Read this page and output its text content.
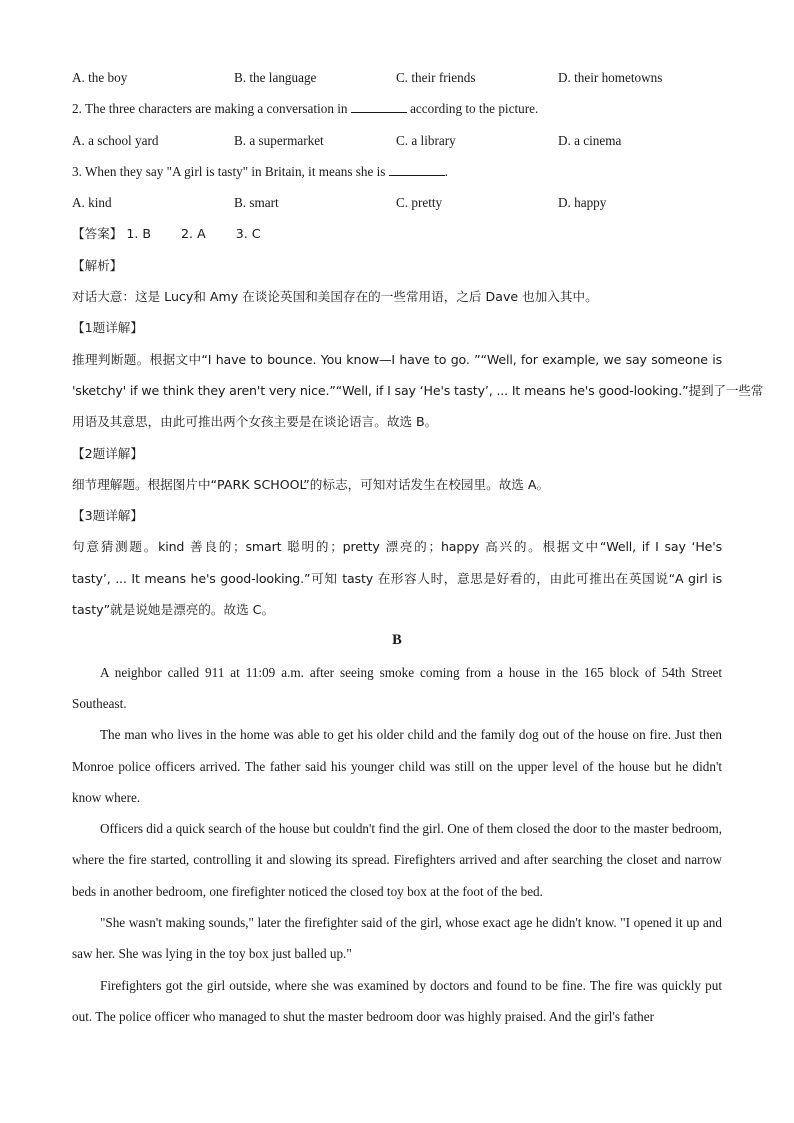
A. the boy	B. the language	C. their friends	D. their hometowns
2. The three characters are making a conversation in	according to the picture.
A. a school yard	B. a supermarket	C. a library	D. a cinema
3. When they say "A girl is tasty" in Britain, it means she is	.
A. kind	B. smart	C. pretty	D. happy
【答案】 1. B 2. A 3. C
【解析】
对话大意：这是 Lucy和 Amy 在谈论英国和美国存在的一些常用语，之后 Dave 也加入其中。
【1题详解】
推理判断题。根据文中“I have to bounce. You know—I have to go. ”“Well, for example, we say someone is
'sketchy' if we think they aren't very nice.”“Well, if I say ‘He's tasty’, ... It means he's good-looking.”提到了一些常
用语及其意思，由此可推出两个女孩主要是在谈论语言。故选 B。
【2题详解】
细节理解题。根据图片中“PARK SCHOOL”的标志，可知对话发生在校园里。故选 A。
【3题详解】
句意猜测题。kind 善良的；smart 聪明的；pretty 漂亮的；happy 高兴的。根据文中“Well, if I say ‘He's
tasty’, ... It means he's good-looking.”可知 tasty 在形容人时，意思是好看的，由此可推出在英国说“A girl is
tasty”就是说她是漂亮的。故选 C。
B
A neighbor called 911 at 11:09 a.m. after seeing smoke coming from a house in the 165 block of 54th Street Southeast.
The man who lives in the home was able to get his older child and the family dog out of the house on fire. Just then Monroe police officers arrived. The father said his younger child was still on the upper level of the house but he didn't know where.
Officers did a quick search of the house but couldn't find the girl. One of them closed the door to the master bedroom, where the fire started, controlling it and slowing its spread. Firefighters arrived and after searching the closet and narrow beds in another bedroom, one firefighter noticed the closed toy box at the foot of the bed.
"She wasn't making sounds," later the firefighter said of the girl, whose exact age he didn't know. "I opened it up and saw her. She was lying in the toy box just balled up."
Firefighters got the girl outside, where she was examined by doctors and found to be fine. The fire was quickly put out. The police officer who managed to shut the master bedroom door was highly praised. And the girl's father
